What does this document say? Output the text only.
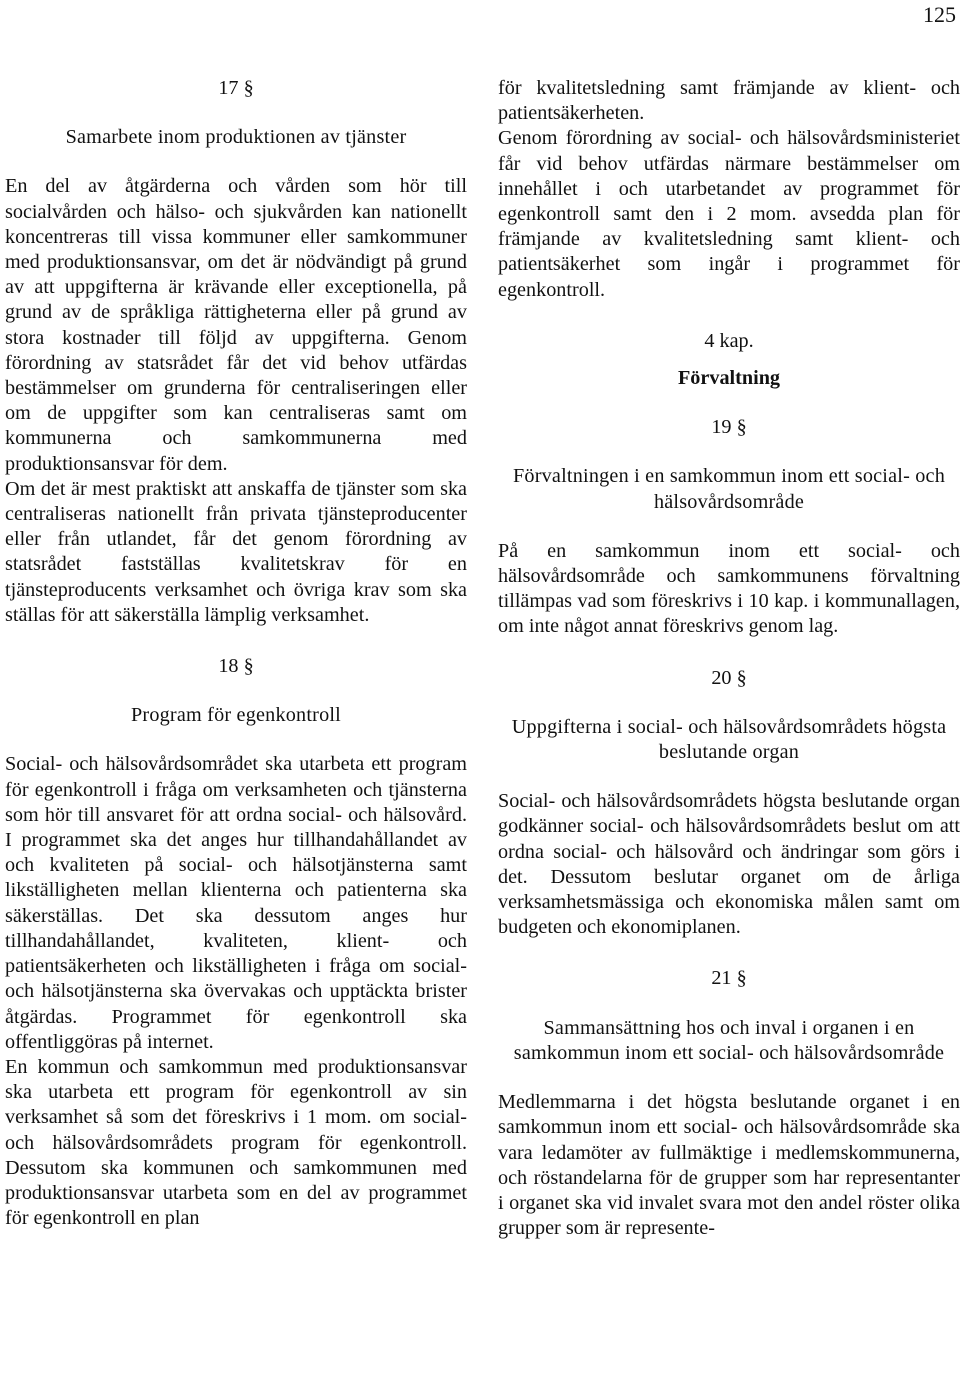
125
17 §
Samarbete inom produktionen av tjänster

En del av åtgärderna och vården som hör till socialvården och hälso- och sjukvården kan nationellt koncentreras till vissa kommuner eller samkommuner med produktionsansvar, om det är nödvändigt på grund av att uppgifterna är krävande eller exceptionella, på grund av de språkliga rättigheterna eller på grund av stora kostnader till följd av uppgifterna. Genom förordning av statsrådet får det vid behov utfärdas bestämmelser om grunderna för centraliseringen eller om de uppgifter som kan centraliseras samt om kommunerna och samkommunerna med produktionsansvar för dem.

Om det är mest praktiskt att anskaffa de tjänster som ska centraliseras nationellt från privata tjänsteproducenter eller från utlandet, får det genom förordning av statsrådet fastställas kvalitetskrav för en tjänsteproducents verksamhet och övriga krav som ska ställas för att säkerställa lämplig verksamhet.

18 §
Program för egenkontroll

Social- och hälsovårdsområdet ska utarbeta ett program för egenkontroll i fråga om verksamheten och tjänsterna som hör till ansvaret för att ordna social- och hälsovård. I programmet ska det anges hur tillhandahållandet av och kvaliteten på social- och hälsotjänsterna samt likställigheten mellan klienterna och patienterna ska säkerställas. Det ska dessutom anges hur tillhandahållandet, kvaliteten, klient- och patientsäkerheten och likställigheten i fråga om social- och hälsotjänsterna ska övervakas och upptäckta brister åtgärdas. Programmet för egenkontroll ska offentliggöras på internet.

En kommun och samkommun med produktionsansvar ska utarbeta ett program för egenkontroll av sin verksamhet så som det föreskrivs i 1 mom. om social- och hälsovårdsområdets program för egenkontroll. Dessutom ska kommunen och samkommunen med produktionsansvar utarbeta som en del av programmet för egenkontroll en plan

för kvalitetsledning samt främjande av klient- och patientsäkerheten.

Genom förordning av social- och hälsovårdsministeriet får vid behov utfärdas närmare bestämmelser om innehållet i och utarbetandet av programmet för egenkontroll samt den i 2 mom. avsedda plan för främjande av kvalitetsledning samt klient- och patientsäkerhet som ingår i programmet för egenkontroll.

4 kap.
Förvaltning
19 §
Förvaltningen i en samkommun inom ett social- och hälsovårdsområde

På en samkommun inom ett social- och hälsovårdsområde och samkommunens förvaltning tillämpas vad som föreskrivs i 10 kap. i kommunallagen, om inte något annat föreskrivs genom lag.

20 §
Uppgifterna i social- och hälsovårdsområdets högsta beslutande organ

Social- och hälsovårdsområdets högsta beslutande organ godkänner social- och hälsovårdsområdets beslut om att ordna social- och hälsovård och ändringar som görs i det. Dessutom beslutar organet om de årliga verksamhetsmässiga och ekonomiska målen samt om budgeten och ekonomiplanen.

21 §
Sammansättning hos och inval i organen i en samkommun inom ett social- och hälsovårdsområde

Medlemmarna i det högsta beslutande organet i en samkommun inom ett social- och hälsovårdsområde ska vara ledamöter av fullmäktige i medlemskommunerna, och röstandelarna för de grupper som har representanter i organet ska vid invalet svara mot den andel röster olika grupper som är represente-
